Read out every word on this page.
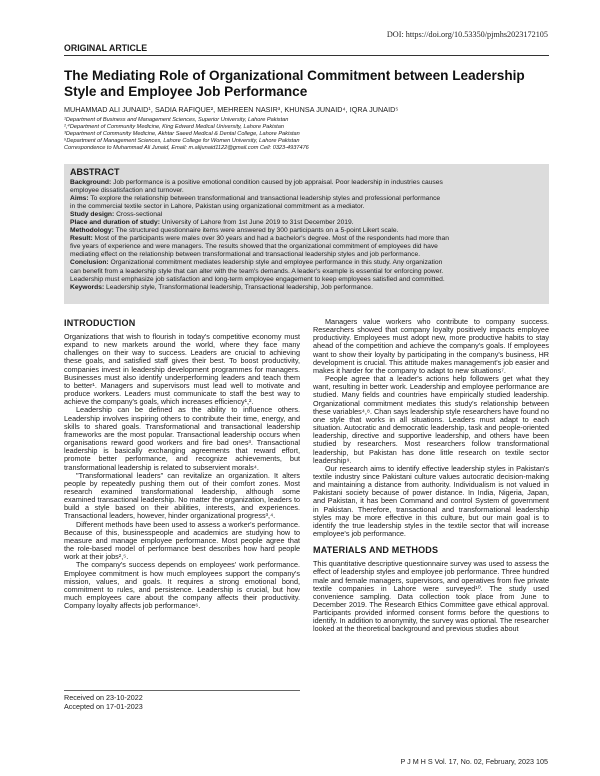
DOI: https://doi.org/10.53350/pjmhs2023172105
ORIGINAL ARTICLE
The Mediating Role of Organizational Commitment between Leadership Style and Employee Job Performance
MUHAMMAD ALI JUNAID¹, SADIA RAFIQUE², MEHREEN NASIR³, KHUNSA JUNAID⁴, IQRA JUNAID⁵
¹Department of Business and Management Sciences, Superior University, Lahore Pakistan
²,⁴Department of Community Medicine, King Edward Medical University, Lahore Pakistan
³Department of Community Medicine, Akhtar Saeed Medical & Dental College, Lahore Pakistan
⁵Department of Management Sciences, Lahore College for Women University, Lahore Pakistan
Correspondence to Muhammad Ali Junaid, Email: m.alijunaid1122@gmail.com Cell: 0323-4937476
ABSTRACT
Background: Job performance is a positive emotional condition caused by job appraisal. Poor leadership in industries causes
employee dissatisfaction and turnover.
Aims: To explore the relationship between transformational and transactional leadership styles and professional performance
in the commercial textile sector in Lahore, Pakistan using organizational commitment as a mediator.
Study design: Cross-sectional
Place and duration of study: University of Lahore from 1st June 2019 to 31st December 2019.
Methodology: The structured questionnaire items were answered by 300 participants on a 5-point Likert scale.
Result: Most of the participants were males over 30 years and had a bachelor's degree. Most of the respondents had more than
five years of experience and were managers. The results showed that the organizational commitment of employees did have
mediating effect on the relationship between transformational and transactional leadership styles and job performance.
Conclusion: Organizational commitment mediates leadership style and employee performance in this study. Any organization
can benefit from a leadership style that can alter with the team's demands. A leader's example is essential for enforcing power.
Leadership must emphasize job satisfaction and long-term employee engagement to keep employees satisfied and committed.
Keywords: Leadership style, Transformational leadership, Transactional leadership, Job performance.
INTRODUCTION
Organizations that wish to flourish in today's competitive economy must expand to new markets around the world, where they face many challenges on their way to success. Leaders are crucial to achieving these goals, and satisfied staff gives their best. To boost productivity, companies invest in leadership development programmes for managers. Businesses must also identify underperforming leaders and teach them to better¹. Managers and supervisors must lead well to motivate and produce workers. Leaders must communicate to staff the best way to achieve the company's goals, which increases efficiency¹,².
Leadership can be defined as the ability to influence others. Leadership involves inspiring others to contribute their time, energy, and skills to shared goals. Transformational and transactional leadership frameworks are the most popular. Transactional leadership occurs when organisations reward good workers and fire bad ones³. Transactional leadership is basically exchanging agreements that reward effort, promote better performance, and recognize achievements, but transformational leadership is related to subservient morals⁴.
"Transformational leaders" can revitalize an organization. It alters people by repeatedly pushing them out of their comfort zones. Most research examined transformational leadership, although some examined transactional leadership. No matter the organization, leaders to build a style based on their abilities, interests, and experiences. Transactional leaders, however, hinder organizational progress³,⁴.
Different methods have been used to assess a worker's performance. Because of this, businesspeople and academics are studying how to measure and manage employee performance. Most people agree that the role-based model of performance best describes how hard people work at their jobs²,⁵.
The company's success depends on employees' work performance. Employee commitment is how much employees support the company's mission, values, and goals. It requires a strong emotional bond, commitment to rules, and persistence. Leadership is crucial, but how much employees care about the company affects their productivity. Company loyalty affects job performance⁶.
Received on 23-10-2022
Accepted on 17-01-2023
Managers value workers who contribute to company success. Researchers showed that company loyalty positively impacts employee productivity. Employees must adopt new, more productive habits to stay ahead of the competition and achieve the company's goals. If employees want to show their loyalty by participating in the company's business, HR development is crucial. This attitude makes management's job easier and makes it harder for the company to adapt to new situations⁷.
People agree that a leader's actions help followers get what they want, resulting in better work. Leadership and employee performance are studied. Many fields and countries have empirically studied leadership. Organizational commitment mediates this study's relationship between these variables⁴,⁸. Chan says leadership style researchers have found no one style that works in all situations. Leaders must adapt to each situation. Autocratic and democratic leadership, task and people-oriented leadership, directive and supportive leadership, and others have been studied by researchers. Most researchers follow transformational leadership, but Pakistan has done little research on textile sector leadership⁹.
Our research aims to identify effective leadership styles in Pakistan's textile industry since Pakistani culture values autocratic decision-making and maintaining a distance from authority. Individualism is not valued in Pakistani society because of power distance. In India, Nigeria, Japan, and Pakistan, it has been Command and control System of government in Pakistan. Therefore, transactional and transformational leadership styles may be more effective in this culture, but our main goal is to identify the true leadership styles in the textile sector that will increase employee's job performance.
MATERIALS AND METHODS
This quantitative descriptive questionnaire survey was used to assess the effect of leadership styles and employee job performance. Three hundred male and female managers, supervisors, and operatives from five private textile companies in Lahore were surveyed¹⁰. The study used convenience sampling. Data collection took place from June to December 2019. The Research Ethics Committee gave ethical approval. Participants provided informed consent forms before the questions to identify. In addition to anonymity, the survey was optional. The researcher looked at the theoretical background and previous studies about
P J M H S Vol. 17, No. 02, February, 2023 105
